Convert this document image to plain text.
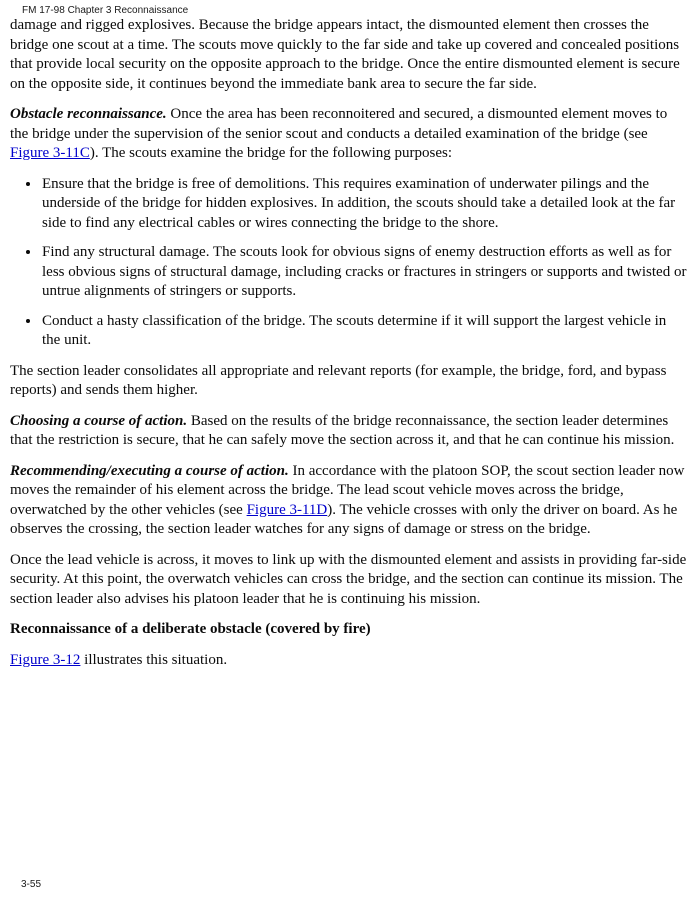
FM 17-98 Chapter 3 Reconnaissance

damage and rigged explosives. Because the bridge appears intact, the dismounted element then crosses the bridge one scout at a time. The scouts move quickly to the far side and take up covered and concealed positions that provide local security on the opposite approach to the bridge. Once the entire dismounted element is secure on the opposite side, it continues beyond the immediate bank area to secure the far side.

Obstacle reconnaissance. Once the area has been reconnoitered and secured, a dismounted element moves to the bridge under the supervision of the senior scout and conducts a detailed examination of the bridge (see Figure 3-11C). The scouts examine the bridge for the following purposes:

• Ensure that the bridge is free of demolitions. This requires examination of underwater pilings and the underside of the bridge for hidden explosives. In addition, the scouts should take a detailed look at the far side to find any electrical cables or wires connecting the bridge to the shore.
• Find any structural damage. The scouts look for obvious signs of enemy destruction efforts as well as for less obvious signs of structural damage, including cracks or fractures in stringers or supports and twisted or untrue alignments of stringers or supports.
• Conduct a hasty classification of the bridge. The scouts determine if it will support the largest vehicle in the unit.

The section leader consolidates all appropriate and relevant reports (for example, the bridge, ford, and bypass reports) and sends them higher.

Choosing a course of action. Based on the results of the bridge reconnaissance, the section leader determines that the restriction is secure, that he can safely move the section across it, and that he can continue his mission.

Recommending/executing a course of action. In accordance with the platoon SOP, the scout section leader now moves the remainder of his element across the bridge. The lead scout vehicle moves across the bridge, overwatched by the other vehicles (see Figure 3-11D). The vehicle crosses with only the driver on board. As he observes the crossing, the section leader watches for any signs of damage or stress on the bridge.

Once the lead vehicle is across, it moves to link up with the dismounted element and assists in providing far-side security. At this point, the overwatch vehicles can cross the bridge, and the section can continue its mission. The section leader also advises his platoon leader that he is continuing his mission.

Reconnaissance of a deliberate obstacle (covered by fire)

Figure 3-12 illustrates this situation.

3-55
